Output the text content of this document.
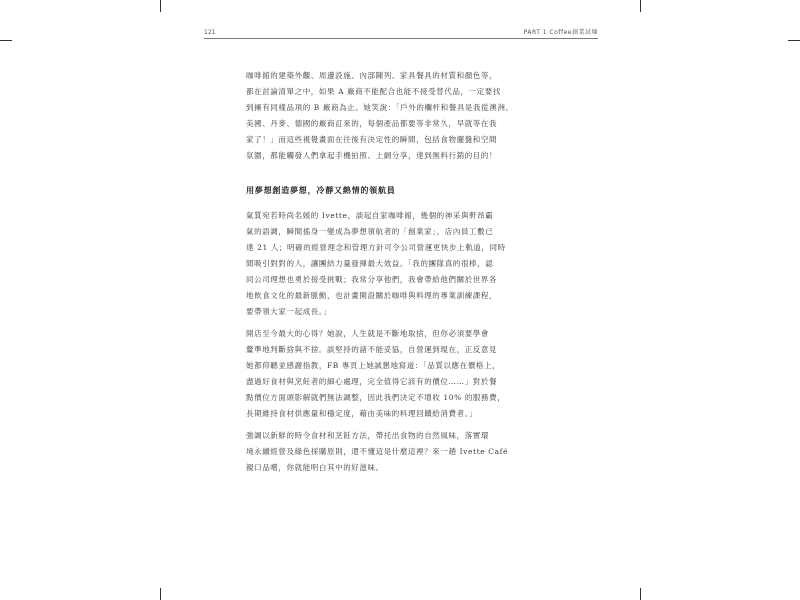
121	PART 1 Coffee創業試煉

咖啡館的建築外觀、周邊設施、內部陳列、家具餐具的材質和顏色等，
都在討論清單之中，如果 A 廠商不能配合也能不接受替代品，一定要找
到擁有同樣品項的 B 廠商為止。她笑說：「戶外的欄杆和餐具是我從澳洲、
美國、丹麥、德國的廠商訂來的，每個產品都要等非常久，早就等在我
家了！」而這些視覺畫面在往後有決定性的瞬間，包括食物擺盤和空間
氛圍，都能觸發人們拿起手機拍照、上網分享，達到無料行銷的目的！

用夢想創造夢想，冷靜又熱情的領航員

氣質宛若時尚名媛的 Ivette，談起自家咖啡館，幾個的神采與軒昂霸
氣的語調，瞬間搖身一變成為夢想領航者的「創業家」。店內員工數已
達 21 人；明確的經營理念和管理方針可令公司營運更快步上軌道，同時
間吸引對對的人，讓團結力量發揮最大效益。「我的團隊真的很棒，認
同公司理想也勇於接受挑戰；我常分享他們，我會帶給他們關於世界各
地飲食文化的最新脈動，也計畫開設關於咖啡與料理的專業訓練課程，
要帶領大家一起成長。」

開店至今最大的心得？她說，人生就是不斷地取捨，但你必須要學會
釐準地判斷捨與不捨。談堅持的諸不能妥協，自營運到現在，正反意見
她都仰聽並感謝指教，FB 專頁上她誠懇地寫道：「品質以應在價格上，
盡過好食材與烹飪者的細心處理，完全值得它該有的價位……」對於餐
點價位方面頭影解就們無法調整，因此我們決定不增收 10% 的服務費，
長期維持食材供應量和穩定度，藉由美味的料理回饋給消費者。」

強調以新鮮的時令食材和烹飪方法，帶托出食物的自然風味，落實環
境永續經營及綠色採購原則，還不懂這是什麼這裡？來一趟 Ivette Café
親口品嚐，你就能明白其中的好滋味。
